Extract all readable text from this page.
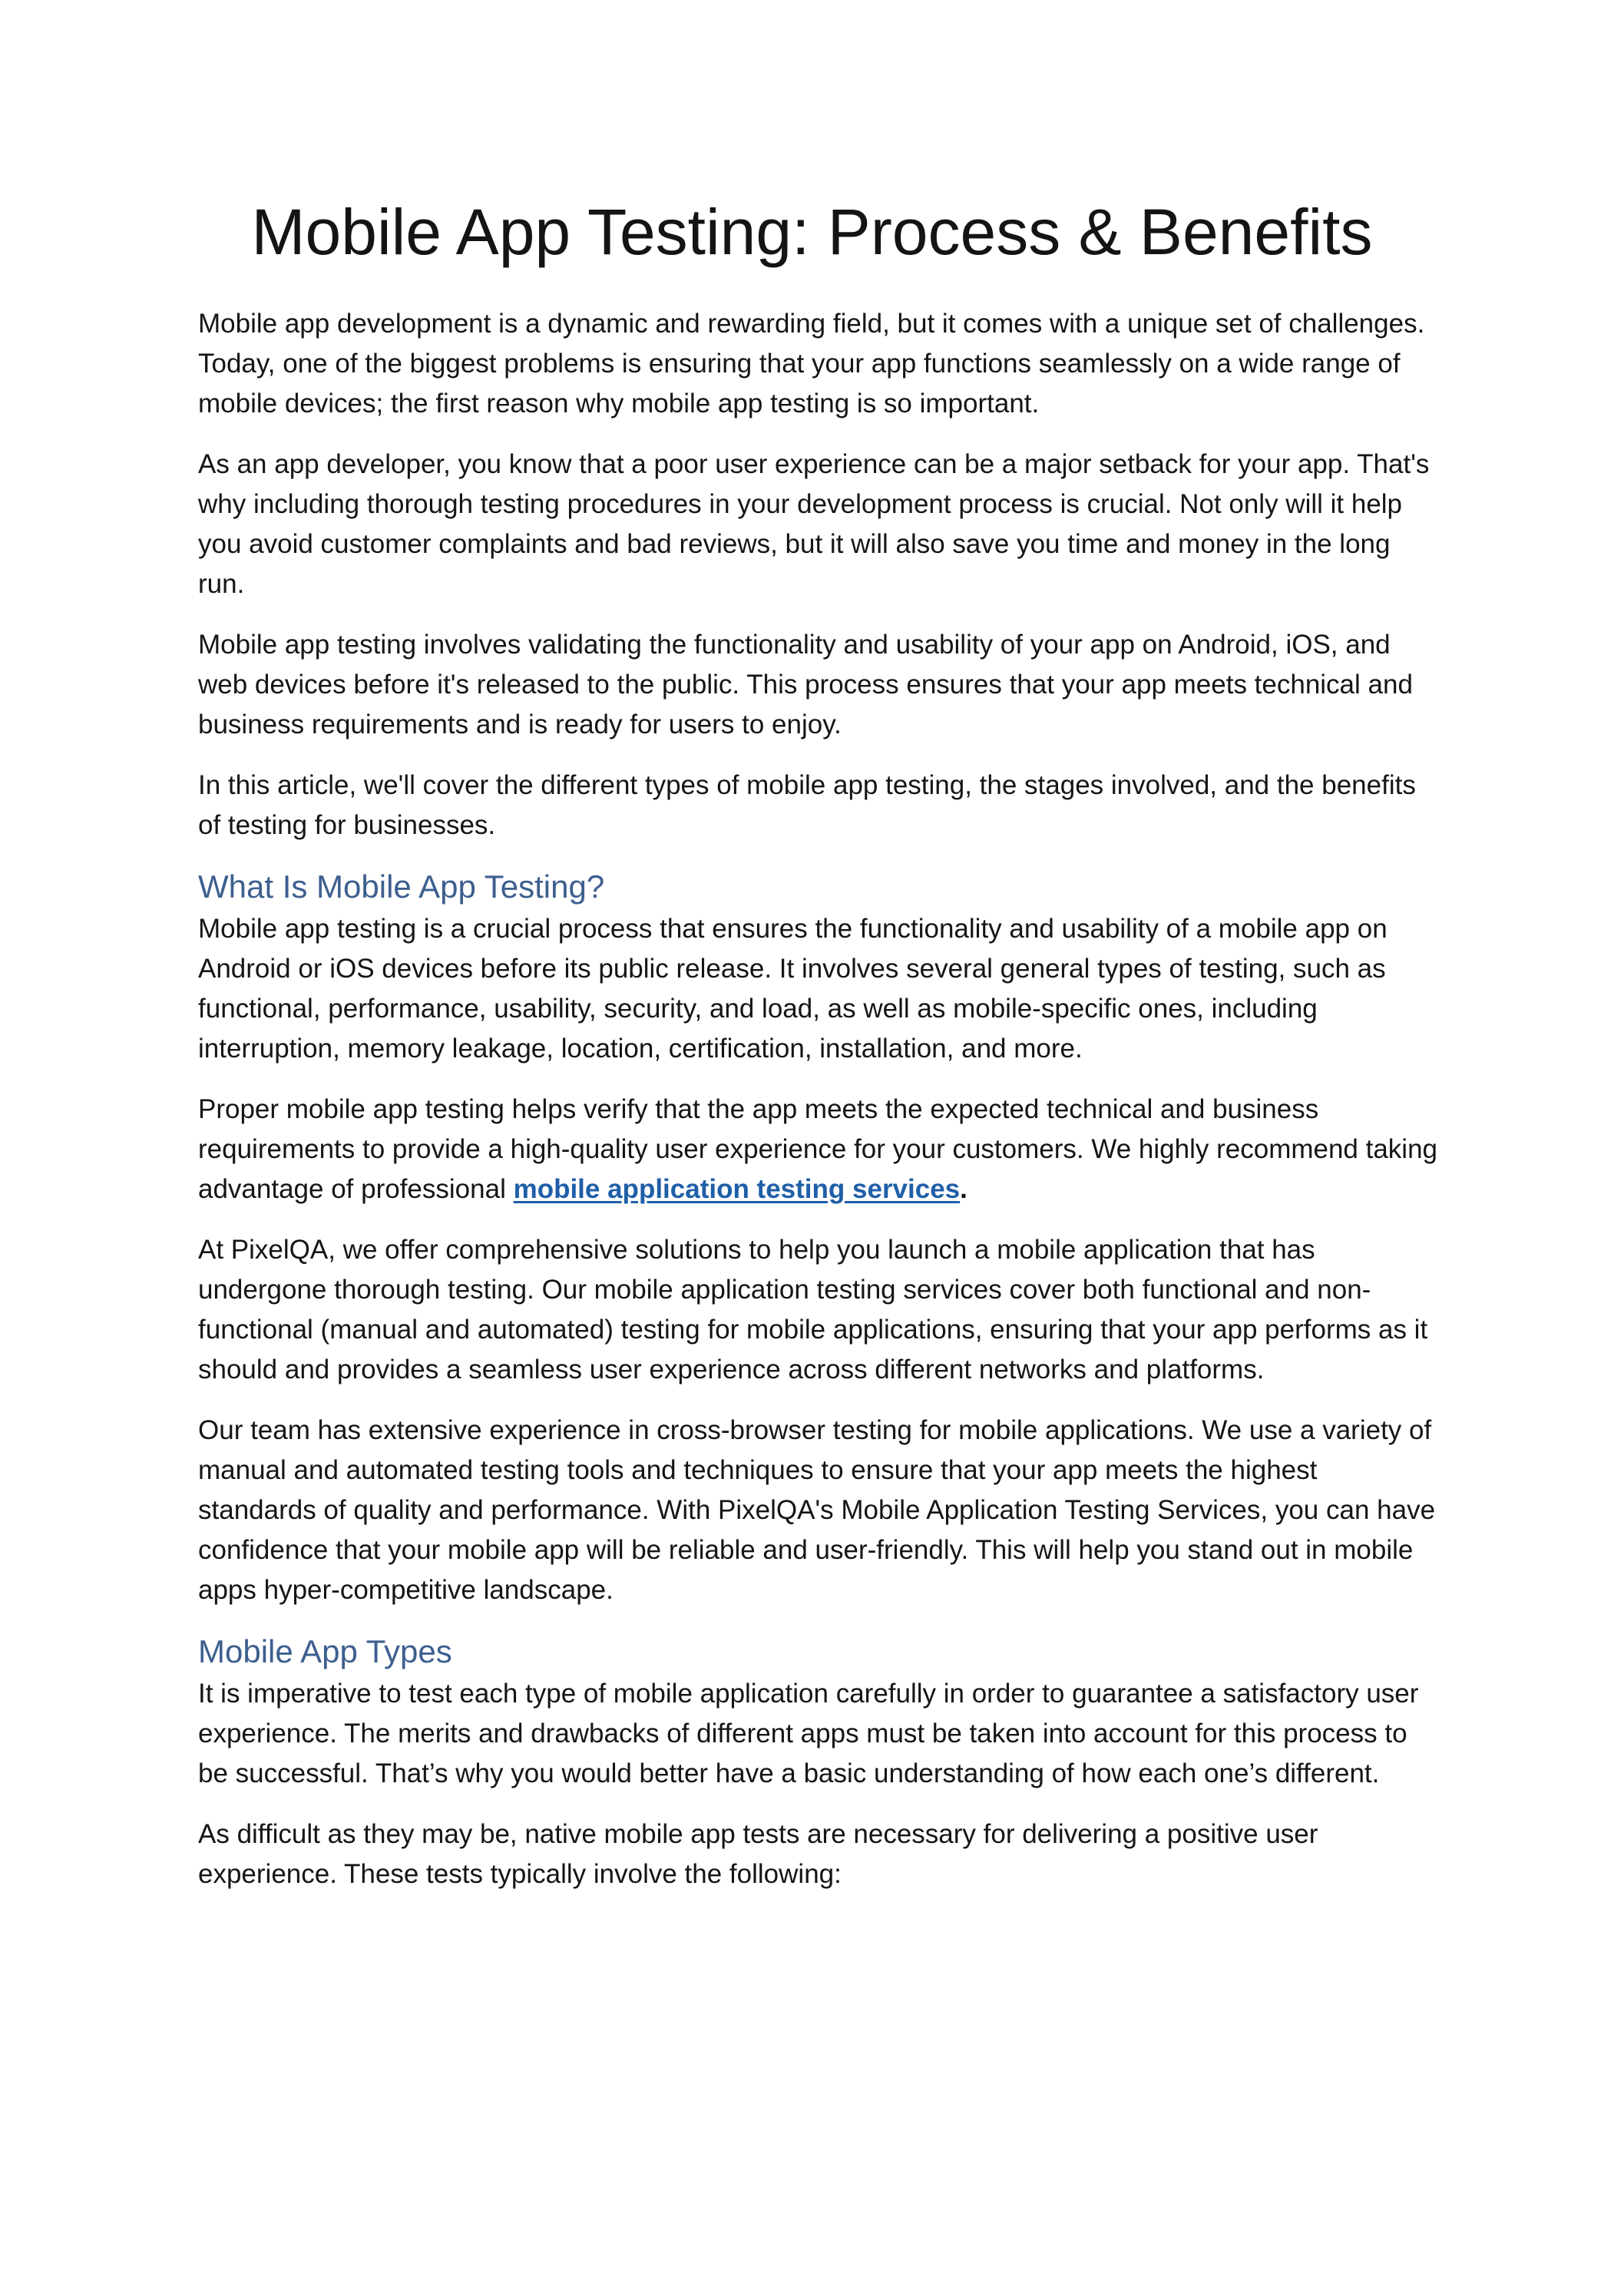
Mobile App Testing: Process & Benefits

Mobile app development is a dynamic and rewarding field, but it comes with a unique set of challenges. Today, one of the biggest problems is ensuring that your app functions seamlessly on a wide range of mobile devices; the first reason why mobile app testing is so important.

As an app developer, you know that a poor user experience can be a major setback for your app. That's why including thorough testing procedures in your development process is crucial. Not only will it help you avoid customer complaints and bad reviews, but it will also save you time and money in the long run.

Mobile app testing involves validating the functionality and usability of your app on Android, iOS, and web devices before it's released to the public. This process ensures that your app meets technical and business requirements and is ready for users to enjoy.

In this article, we'll cover the different types of mobile app testing, the stages involved, and the benefits of testing for businesses.

What Is Mobile App Testing?

Mobile app testing is a crucial process that ensures the functionality and usability of a mobile app on Android or iOS devices before its public release. It involves several general types of testing, such as functional, performance, usability, security, and load, as well as mobile-specific ones, including interruption, memory leakage, location, certification, installation, and more.

Proper mobile app testing helps verify that the app meets the expected technical and business requirements to provide a high-quality user experience for your customers. We highly recommend taking advantage of professional mobile application testing services.

At PixelQA, we offer comprehensive solutions to help you launch a mobile application that has undergone thorough testing. Our mobile application testing services cover both functional and non-functional (manual and automated) testing for mobile applications, ensuring that your app performs as it should and provides a seamless user experience across different networks and platforms.

Our team has extensive experience in cross-browser testing for mobile applications. We use a variety of manual and automated testing tools and techniques to ensure that your app meets the highest standards of quality and performance. With PixelQA's Mobile Application Testing Services, you can have confidence that your mobile app will be reliable and user-friendly. This will help you stand out in mobile apps hyper-competitive landscape.

Mobile App Types

It is imperative to test each type of mobile application carefully in order to guarantee a satisfactory user experience. The merits and drawbacks of different apps must be taken into account for this process to be successful. That’s why you would better have a basic understanding of how each one’s different.

As difficult as they may be, native mobile app tests are necessary for delivering a positive user experience. These tests typically involve the following:
